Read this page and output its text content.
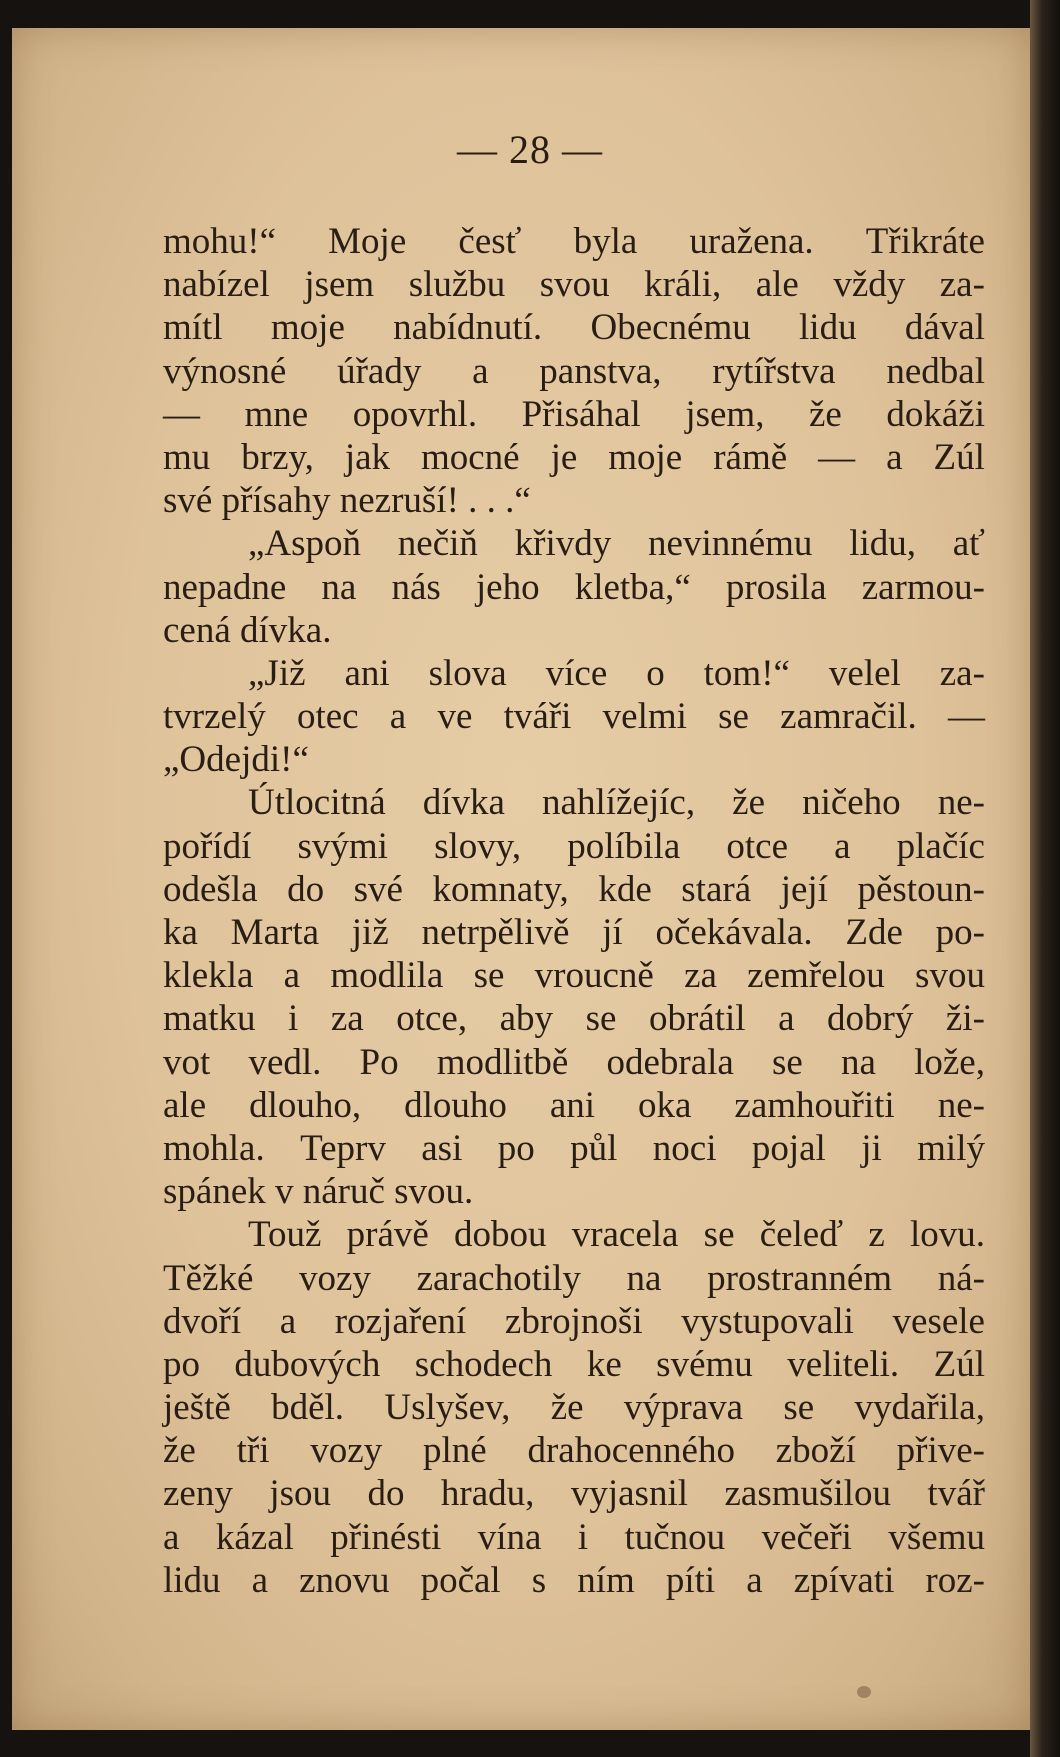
— 28 —
mohu!“ Moje česť byla uražena. Třikráte
nabízel jsem službu svou králi, ale vždy za-
mítl moje nabídnutí. Obecnému lidu dával
výnosné úřady a panstva, rytířstva nedbal
— mne opovrhl. Přisáhal jsem, že dokáži
mu brzy, jak mocné je moje rámě — a Zúl
své přísahy nezruší! . . .“
„Aspoň nečiň křivdy nevinnému lidu, ať
nepadne na nás jeho kletba,“ prosila zarmou-
cená dívka.
„Již ani slova více o tom!“ velel za-
tvrzelý otec a ve tváři velmi se zamračil. —
„Odejdi!“
Útlocitná dívka nahlížejíc, že ničeho ne-
pořídí svými slovy, políbila otce a plačíc
odešla do své komnaty, kde stará její pěstoun-
ka Marta již netrpělivě jí očekávala. Zde po-
klekla a modlila se vroucně za zemřelou svou
matku i za otce, aby se obrátil a dobrý ži-
vot vedl. Po modlitbě odebrala se na lože,
ale dlouho, dlouho ani oka zamhouřiti ne-
mohla. Teprv asi po půl noci pojal ji milý
spánek v náruč svou.
Touž právě dobou vracela se čeleď z lovu.
Těžké vozy zarachotily na prostranném ná-
dvoří a rozjaření zbrojnoši vystupovali vesele
po dubových schodech ke svému veliteli. Zúl
ještě bděl. Uslyšev, že výprava se vydařila,
že tři vozy plné drahocenného zboží přive-
zeny jsou do hradu, vyjasnil zasmušilou tvář
a kázal přinésti vína i tučnou večeři všemu
lidu a znovu počal s ním píti a zpívati roz-
